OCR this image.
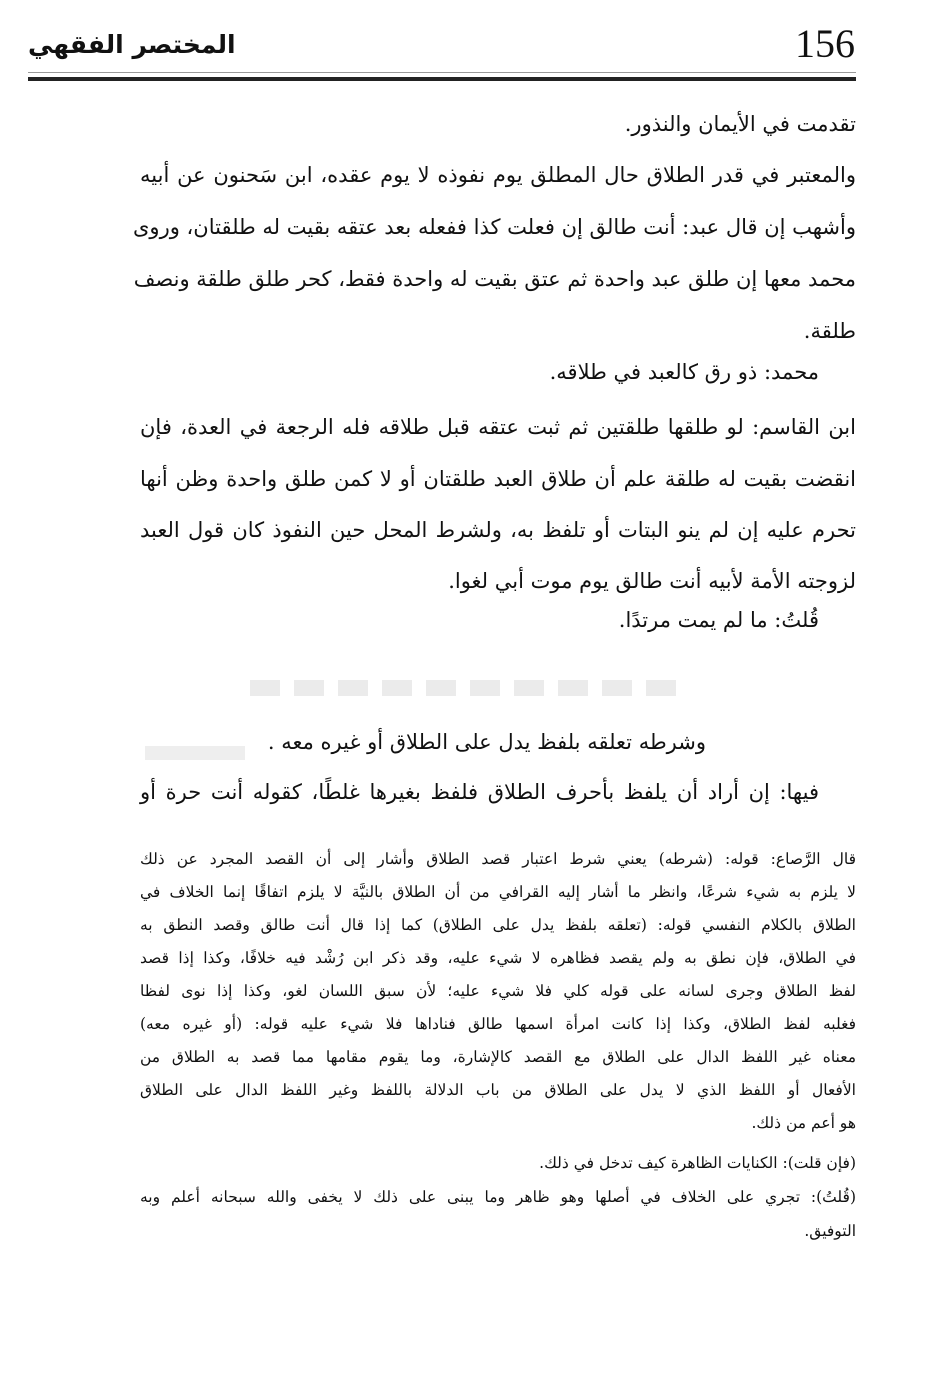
156
المختصر الفقهي
تقدمت في الأيمان والنذور.
والمعتبر في قدر الطلاق حال المطلق يوم نفوذه لا يوم عقده، ابن سَحنون عن أبيه
وأشهب إن قال عبد: أنت طالق إن فعلت كذا ففعله بعد عتقه بقيت له طلقتان، وروى
محمد معها إن طلق عبد واحدة ثم عتق بقيت له واحدة فقط، كحر طلق طلقة ونصف
طلقة.
محمد: ذو رق كالعبد في طلاقه.
ابن القاسم: لو طلقها طلقتين ثم ثبت عتقه قبل طلاقه فله الرجعة في العدة، فإن
انقضت بقيت له طلقة علم أن طلاق العبد طلقتان أو لا كمن طلق واحدة وظن أنها
تحرم عليه إن لم ينو البتات أو تلفظ به، ولشرط المحل حين النفوذ كان قول العبد
لزوجته الأمة لأبيه أنت طالق يوم موت أبي لغوا.
قُلتُ: ما لم يمت مرتدًا.
وشرطه تعلقه بلفظ يدل على الطلاق أو غيره معه .
فيها: إن أراد أن يلفظ بأحرف الطلاق فلفظ بغيرها غلطًا، كقوله أنت حرة أو
قال الرَّصاع: قوله: (شرطه) يعني شرط اعتبار قصد الطلاق وأشار إلى أن القصد المجرد عن ذلك
لا يلزم به شيء شرعًا، وانظر ما أشار إليه القرافي من أن الطلاق بالنيَّة لا يلزم اتفاقًا إنما الخلاف في
الطلاق بالكلام النفسي قوله: (تعلقه بلفظ يدل على الطلاق) كما إذا قال أنت طالق وقصد النطق به
في الطلاق، فإن نطق به ولم يقصد فظاهره لا شيء عليه، وقد ذكر ابن رُشْد فيه خلافًا، وكذا إذا قصد
لفظ الطلاق وجرى لسانه على قوله كلي فلا شيء عليه؛ لأن سبق اللسان لغو، وكذا إذا نوى لفظا
فغلبه لفظ الطلاق، وكذا إذا كانت امرأة اسمها طالق فناداها فلا شيء عليه قوله: (أو غيره معه)
معناه غير اللفظ الدال على الطلاق مع القصد كالإشارة، وما يقوم مقامها مما قصد به الطلاق من
الأفعال أو اللفظ الذي لا يدل على الطلاق من باب الدلالة باللفظ وغير اللفظ الدال على الطلاق
هو أعم من ذلك.
(فإن قلت): الكنايات الظاهرة كيف تدخل في ذلك.
(قُلتُ): تجري على الخلاف في أصلها وهو ظاهر وما يبنى على ذلك لا يخفى والله سبحانه أعلم وبه
التوفيق.
